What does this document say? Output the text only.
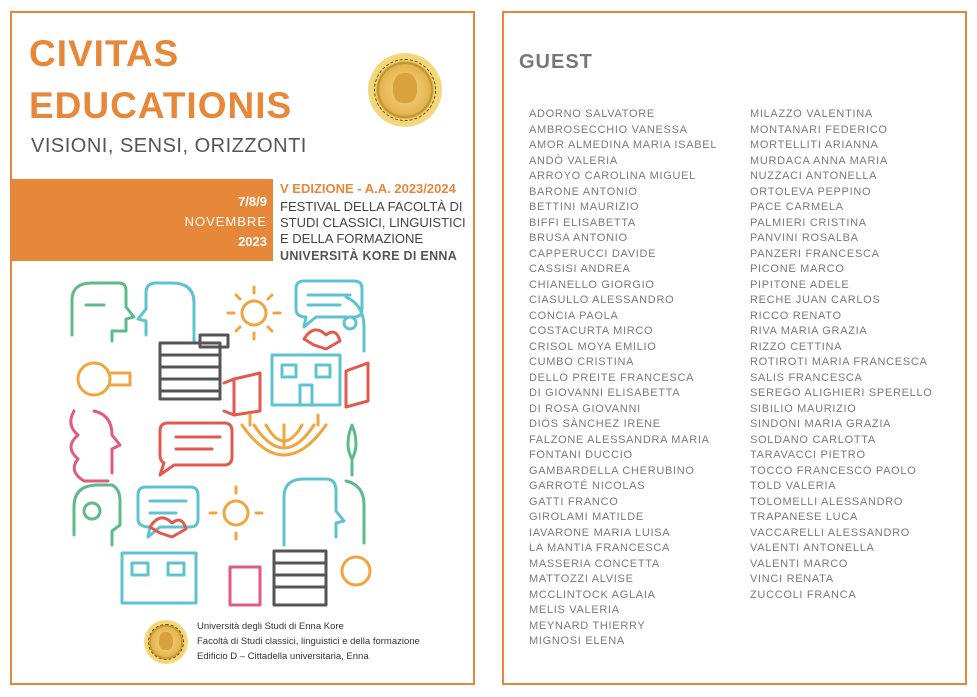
CIVITAS
EDUCATIONIS
VISIONI, SENSI, ORIZZONTI
7/8/9
NOVEMBRE
2023
V EDIZIONE - A.A. 2023/2024
FESTIVAL DELLA FACOLTÀ DI STUDI CLASSICI, LINGUISTICI E DELLA FORMAZIONE
UNIVERSITÀ KORE DI ENNA
Università degli Studi di Enna Kore
Facoltà di Studi classici, linguistici e della formazione
Edificio D – Cittadella universitaria, Enna
GUEST
ADORNO SALVATORE
AMBROSECCHIO VANESSA
AMOR ALMEDINA MARIA ISABEL
ANDÒ VALERIA
ARROYO CAROLINA MIGUEL
BARONE ANTONIO
BETTINI MAURIZIO
BIFFI ELISABETTA
BRUSA ANTONIO
CAPPERUCCI DAVIDE
CASSISI ANDREA
CHIANELLO GIORGIO
CIASULLO ALESSANDRO
CONCIA PAOLA
COSTACURTA MIRCO
CRISOL MOYA EMILIO
CUMBO CRISTINA
DELLO PREITE FRANCESCA
DI GIOVANNI ELISABETTA
DI ROSA GIOVANNI
DIÒS SÀNCHEZ IRENE
FALZONE ALESSANDRA MARIA
FONTANI DUCCIO
GAMBARDELLA CHERUBINO
GARROTÉ NICOLAS
GATTI FRANCO
GIROLAMI MATILDE
IAVARONE MARIA LUISA
LA MANTIA FRANCESCA
MASSERIA CONCETTA
MATTOZZI ALVISE
MCCLINTOCK AGLAIA
MELIS VALERIA
MEYNARD THIERRY
MIGNOSI ELENA
MILAZZO VALENTINA
MONTANARI FEDERICO
MORTELLITI ARIANNA
MURDACA ANNA MARIA
NUZZACI ANTONELLA
ORTOLEVA PEPPINO
PACE CARMELA
PALMIERI CRISTINA
PANVINI ROSALBA
PANZERI FRANCESCA
PICONE MARCO
PIPITONE ADELE
RECHE JUAN CARLOS
RICCO RENATO
RIVA MARIA GRAZIA
RIZZO CETTINA
ROTIROTI MARIA FRANCESCA
SALIS FRANCESCA
SEREGO ALIGHIERI SPERELLO
SIBILIO MAURIZIO
SINDONI MARIA GRAZIA
SOLDANO CARLOTTA
TARAVACCI PIETRO
TOCCO FRANCESCO PAOLO
TOLD VALERIA
TOLOMELLI ALESSANDRO
TRAPANESE LUCA
VACCARELLI ALESSANDRO
VALENTI ANTONELLA
VALENTI MARCO
VINCI RENATA
ZUCCOLI FRANCA
